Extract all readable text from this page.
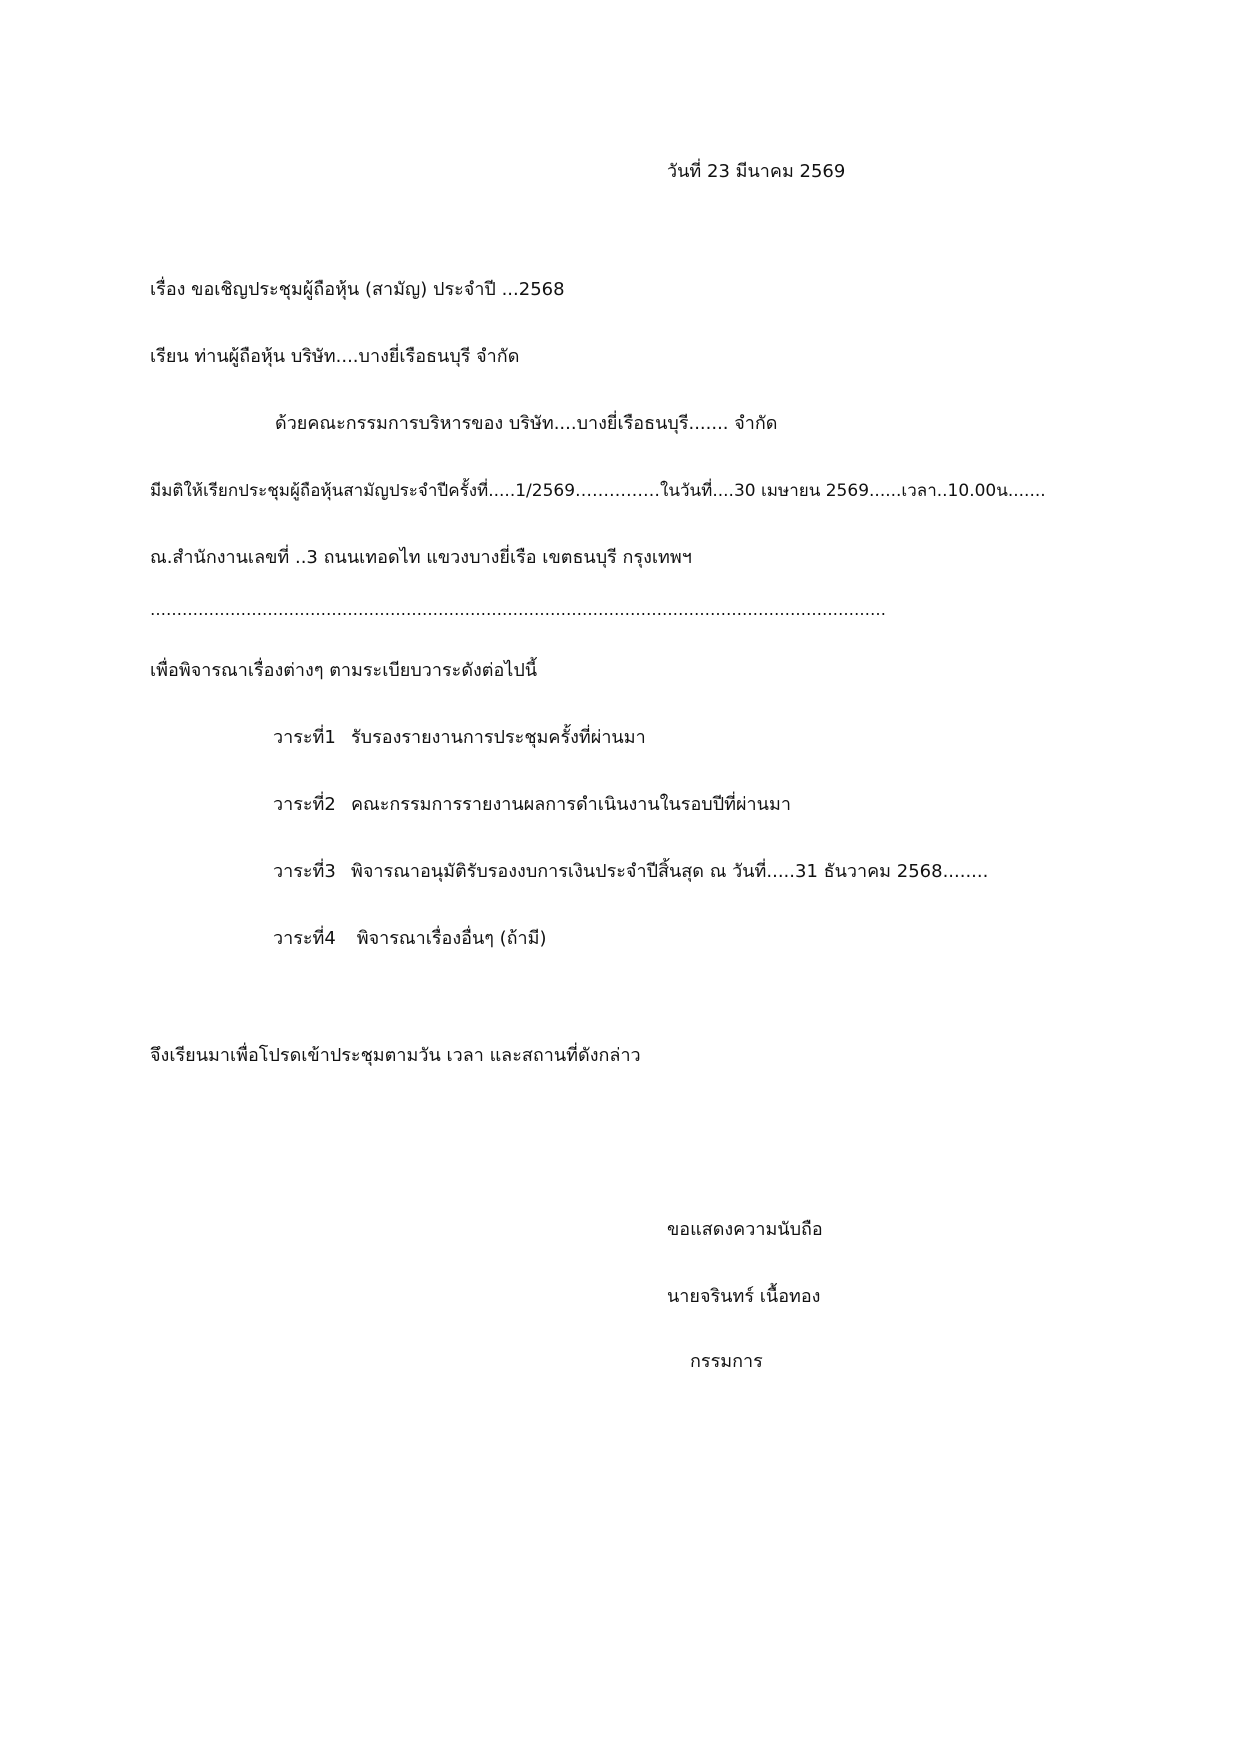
วันที่ 23 มีนาคม 2569
เรื่อง ขอเชิญประชุมผู้ถือหุ้น (สามัญ) ประจำปี ...2568
เรียน ท่านผู้ถือหุ้น บริษัท....บางยี่เรือธนบุรี จำกัด
ด้วยคณะกรรมการบริหารของ บริษัท....บางยี่เรือธนบุรี....... จำกัด
มีมติให้เรียกประชุมผู้ถือหุ้นสามัญประจำปีครั้งที่.....1/2569……………ในวันที่....30 เมษายน 2569......เวลา..10.00น.......
ณ.สำนักงานเลขที่ ..3 ถนนเทอดไท แขวงบางยี่เรือ เขตธนบุรี กรุงเทพฯ
…………………………………………………………………………………………………………………………
เพื่อพิจารณาเรื่องต่างๆ ตามระเบียบวาระดังต่อไปนี้
วาระที่1 รับรองรายงานการประชุมครั้งที่ผ่านมา
วาระที่2 คณะกรรมการรายงานผลการดำเนินงานในรอบปีที่ผ่านมา
วาระที่3 พิจารณาอนุมัติรับรองงบการเงินประจำปีสิ้นสุด ณ วันที่.....31 ธันวาคม 2568........
วาระที่4 พิจารณาเรื่องอื่นๆ (ถ้ามี)
จึงเรียนมาเพื่อโปรดเข้าประชุมตามวัน เวลา และสถานที่ดังกล่าว
ขอแสดงความนับถือ
นายจรินทร์ เนื้อทอง
กรรมการ
